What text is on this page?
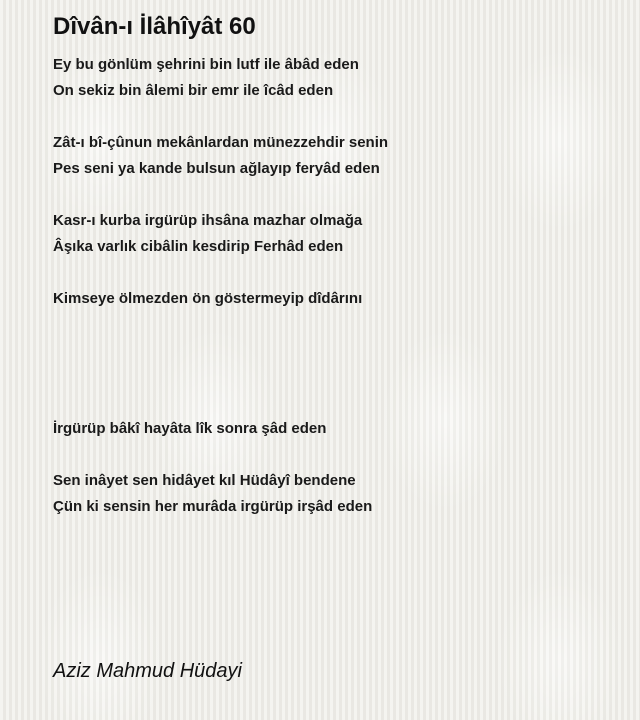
Dîvân-ı İlâhîyât 60
Ey bu gönlüm şehrini bin lutf ile âbâd eden
On sekiz bin âlemi bir emr ile îcâd eden
Zât-ı bî-çûnun mekânlardan münezzehdir senin
Pes seni ya kande bulsun ağlayıp feryâd eden
Kasr-ı kurba irgürüp ihsâna mazhar olmağa
Âşıka varlık cibâlin kesdirip Ferhâd eden
Kimseye ölmezden ön göstermeyip dîdârını
İrgürüp bâkî hayâta lîk sonra şâd eden
Sen inâyet sen hidâyet kıl Hüdâyî bendene
Çün ki sensin her murâda irgürüp irşâd eden
Aziz Mahmud Hüdayi
